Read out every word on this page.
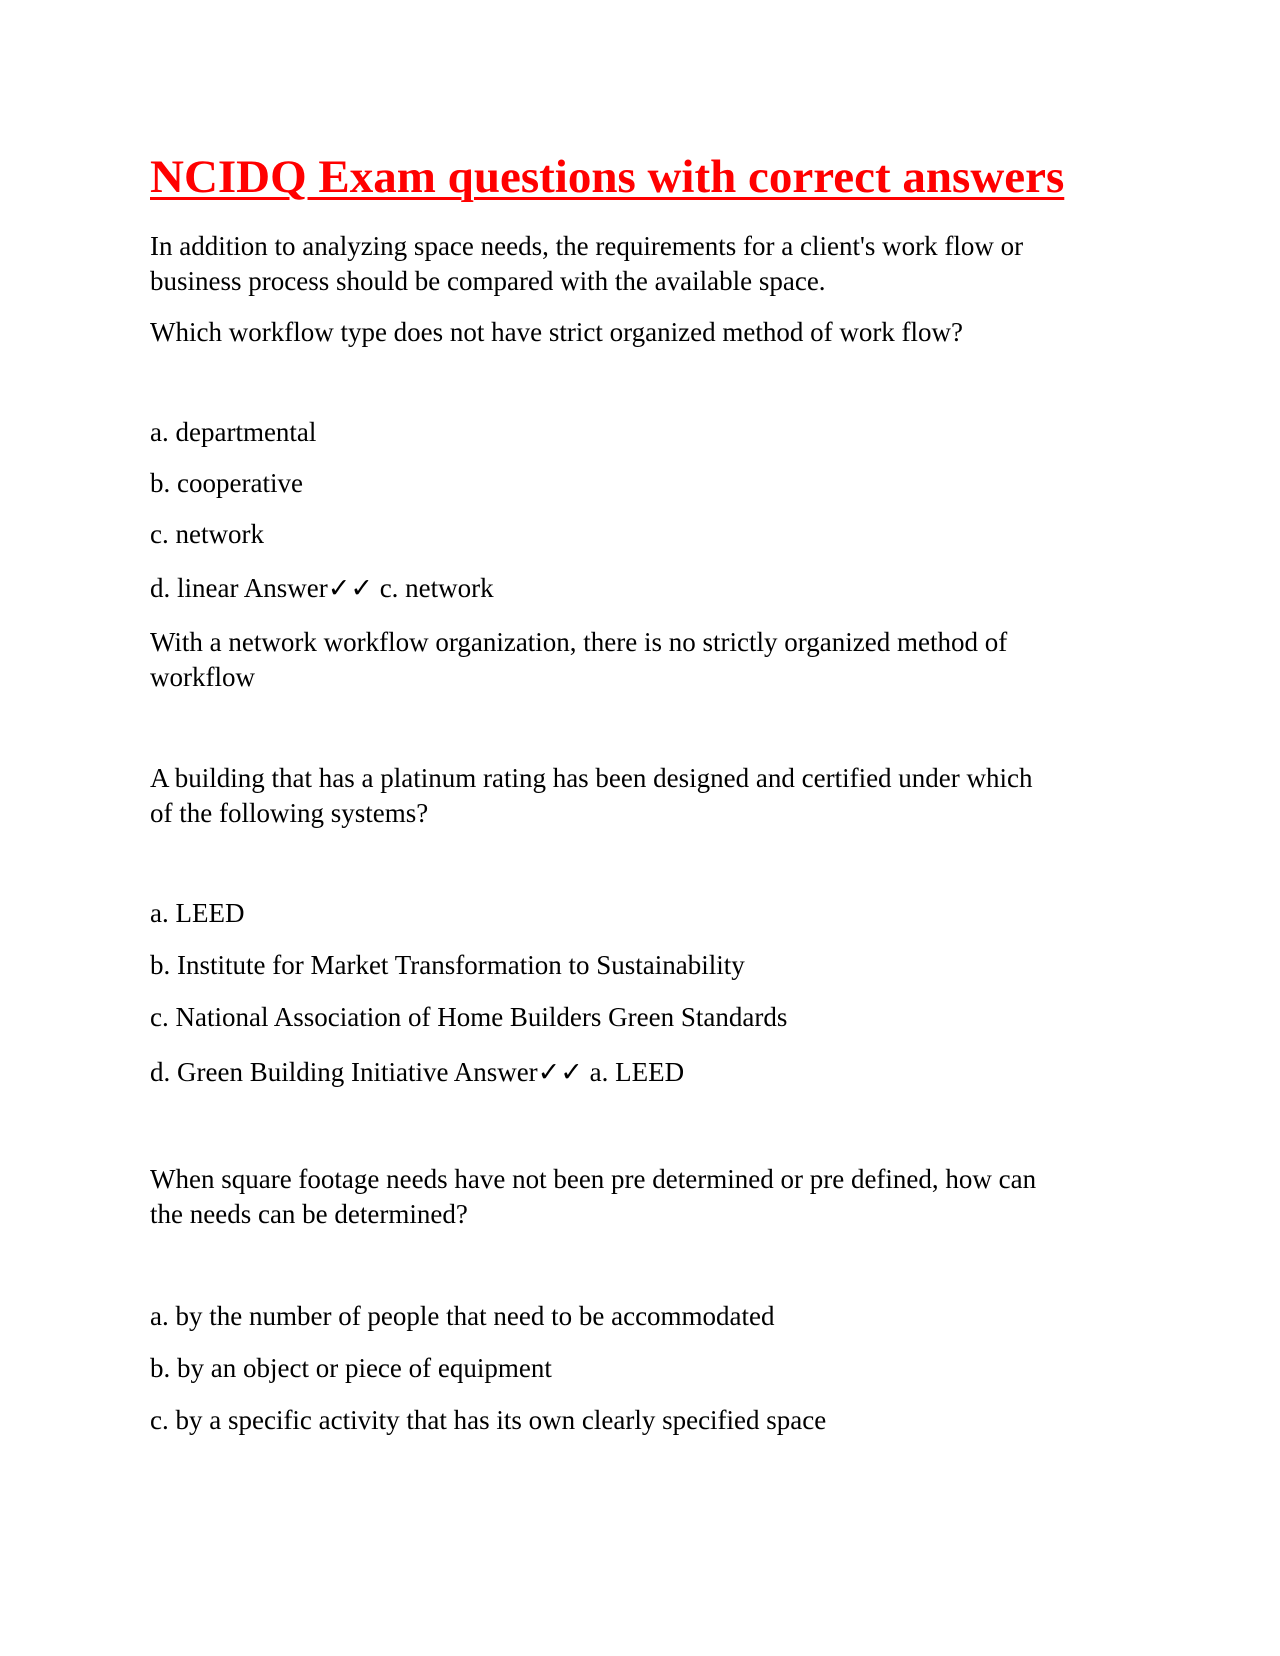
NCIDQ Exam questions with correct answers

In addition to analyzing space needs, the requirements for a client's work flow or

business process should be compared with the available space.

Which workflow type does not have strict organized method of work flow?

a. departmental

b. cooperative

c. network

d. linear Answer✓✓ c. network

With a network workflow organization, there is no strictly organized method of

workflow

A building that has a platinum rating has been designed and certified under which

of the following systems?

a. LEED

b. Institute for Market Transformation to Sustainability

c. National Association of Home Builders Green Standards

d. Green Building Initiative Answer✓✓ a. LEED

When square footage needs have not been pre determined or pre defined, how can

the needs can be determined?

a. by the number of people that need to be accommodated

b. by an object or piece of equipment

c. by a specific activity that has its own clearly specified space
